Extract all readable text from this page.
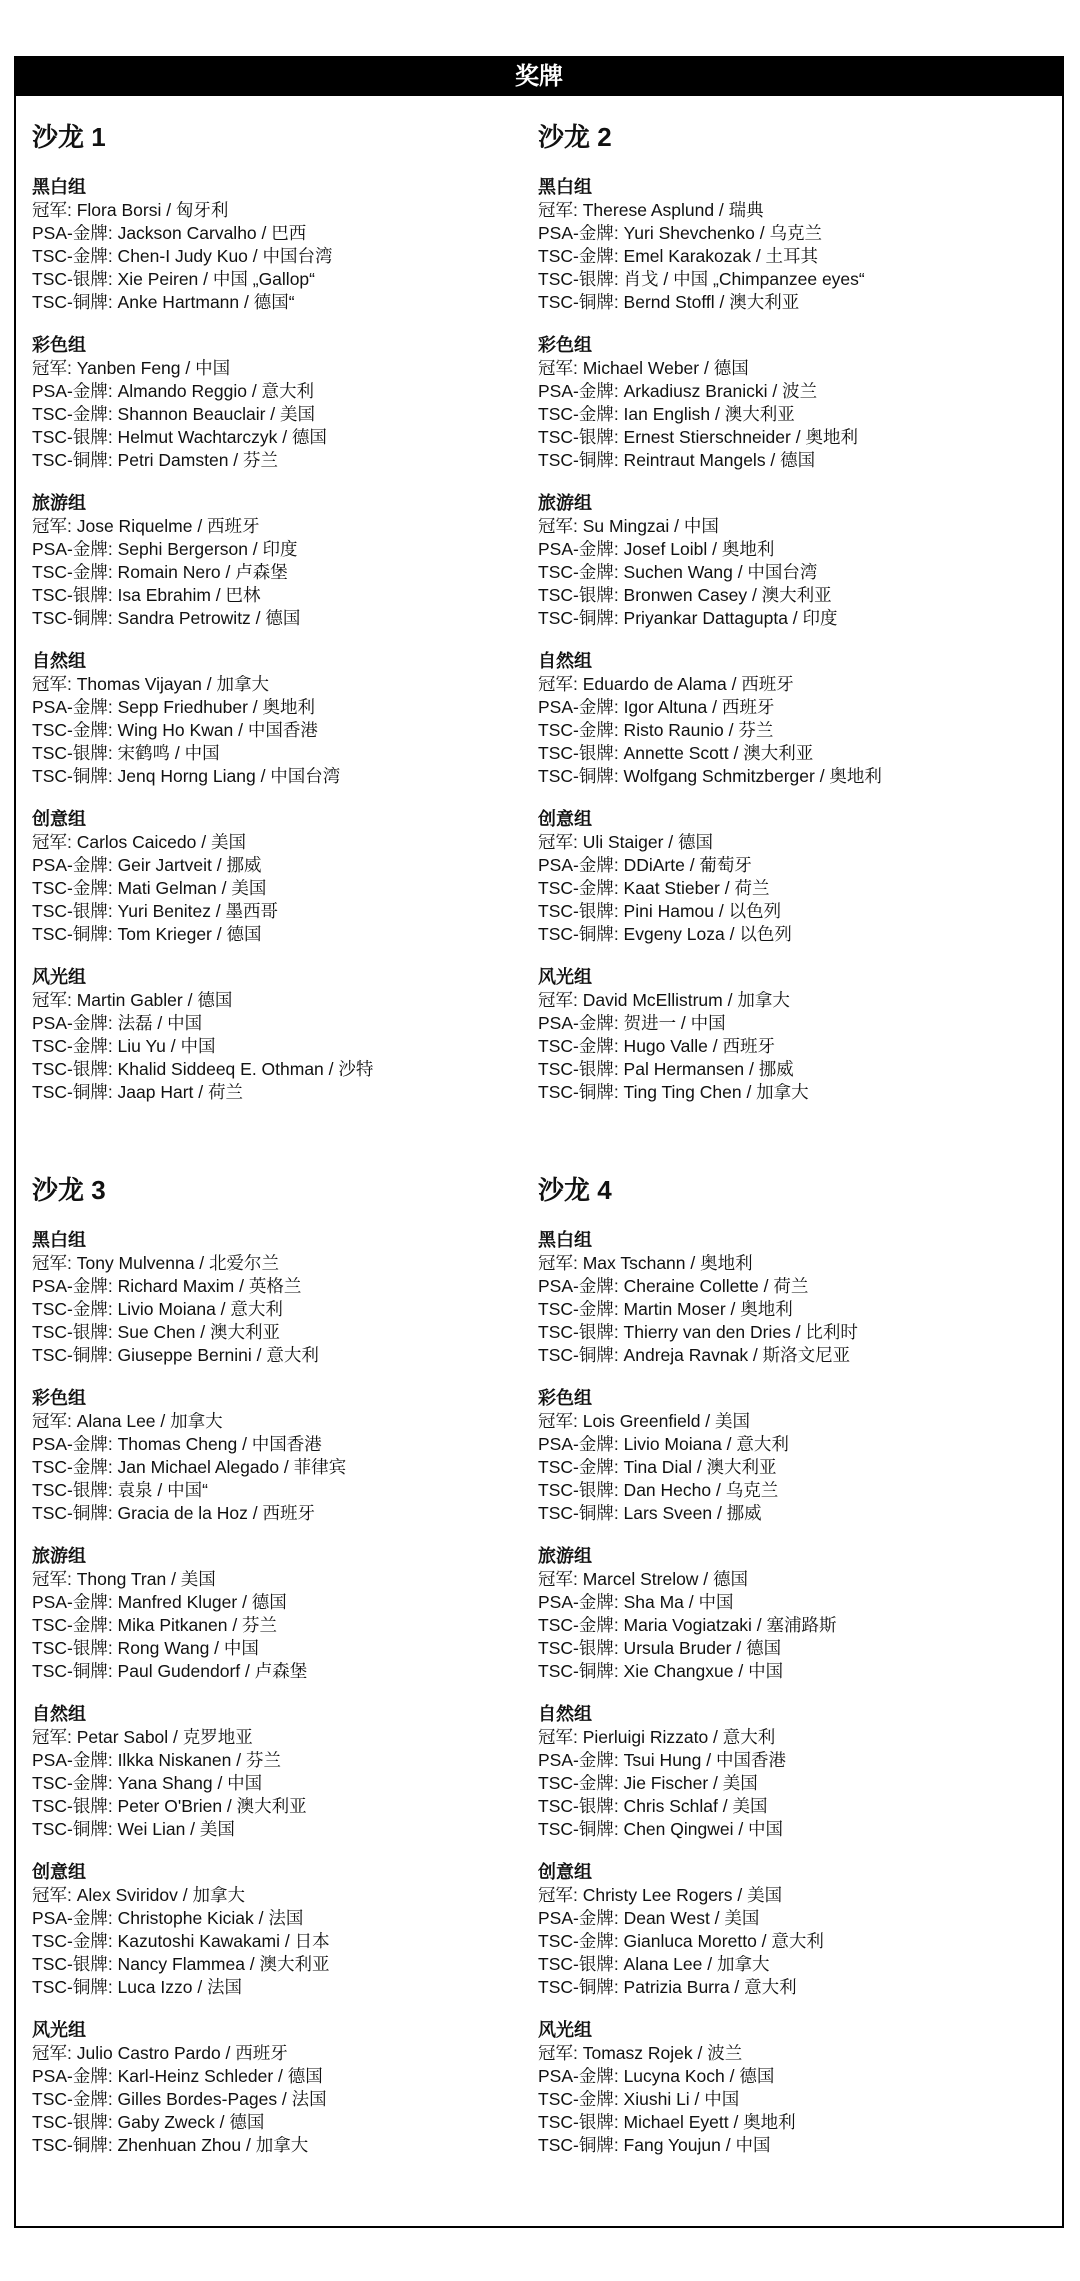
奖牌
沙龙 1
黑白组
冠军: Flora Borsi / 匈牙利
PSA-金牌: Jackson Carvalho / 巴西
TSC-金牌: Chen-I Judy Kuo / 中国台湾
TSC-银牌: Xie Peiren / 中国 „Gallop“
TSC-铜牌: Anke Hartmann / 德国“
彩色组
冠军: Yanben Feng / 中国
PSA-金牌: Almando Reggio / 意大利
TSC-金牌: Shannon Beauclair / 美国
TSC-银牌: Helmut Wachtarczyk / 德国
TSC-铜牌: Petri Damsten / 芬兰
旅游组
冠军: Jose Riquelme / 西班牙
PSA-金牌: Sephi Bergerson / 印度
TSC-金牌: Romain Nero / 卢森堡
TSC-银牌: Isa Ebrahim / 巴林
TSC-铜牌: Sandra Petrowitz / 德国
自然组
冠军: Thomas Vijayan / 加拿大
PSA-金牌: Sepp Friedhuber / 奥地利
TSC-金牌: Wing Ho Kwan / 中国香港
TSC-银牌: 宋鹤鸣 / 中国
TSC-铜牌: Jenq Horng Liang / 中国台湾
创意组
冠军: Carlos Caicedo / 美国
PSA-金牌: Geir Jartveit / 挪威
TSC-金牌: Mati Gelman / 美国
TSC-银牌: Yuri Benitez / 墨西哥
TSC-铜牌: Tom Krieger / 德国
风光组
冠军: Martin Gabler / 德国
PSA-金牌: 法磊 / 中国
TSC-金牌: Liu Yu / 中国
TSC-银牌: Khalid Siddeeq E. Othman / 沙特
TSC-铜牌: Jaap Hart / 荷兰
沙龙 2
黑白组
冠军: Therese Asplund / 瑞典
PSA-金牌: Yuri Shevchenko / 乌克兰
TSC-金牌: Emel Karakozak / 土耳其
TSC-银牌: 肖戈 / 中国 „Chimpanzee eyes“
TSC-铜牌: Bernd Stoffl / 澳大利亚
彩色组
冠军: Michael Weber / 德国
PSA-金牌: Arkadiusz Branicki / 波兰
TSC-金牌: Ian English / 澳大利亚
TSC-银牌: Ernest Stierschneider / 奥地利
TSC-铜牌: Reintraut Mangels / 德国
旅游组
冠军: Su Mingzai / 中国
PSA-金牌: Josef Loibl / 奥地利
TSC-金牌: Suchen Wang / 中国台湾
TSC-银牌: Bronwen Casey / 澳大利亚
TSC-铜牌: Priyankar Dattagupta / 印度
自然组
冠军: Eduardo de Alama / 西班牙
PSA-金牌: Igor Altuna / 西班牙
TSC-金牌: Risto Raunio / 芬兰
TSC-银牌: Annette Scott / 澳大利亚
TSC-铜牌: Wolfgang Schmitzberger / 奥地利
创意组
冠军: Uli Staiger / 德国
PSA-金牌: DDiArte / 葡萄牙
TSC-金牌: Kaat Stieber / 荷兰
TSC-银牌: Pini Hamou / 以色列
TSC-铜牌: Evgeny Loza / 以色列
风光组
冠军: David McEllistrum / 加拿大
PSA-金牌: 贺进一 / 中国
TSC-金牌: Hugo Valle / 西班牙
TSC-银牌: Pal Hermansen / 挪威
TSC-铜牌: Ting Ting Chen / 加拿大
沙龙 3
黑白组
冠军: Tony Mulvenna / 北爱尔兰
PSA-金牌: Richard Maxim / 英格兰
TSC-金牌: Livio Moiana / 意大利
TSC-银牌: Sue Chen / 澳大利亚
TSC-铜牌: Giuseppe Bernini / 意大利
彩色组
冠军: Alana Lee / 加拿大
PSA-金牌: Thomas Cheng / 中国香港
TSC-金牌: Jan Michael Alegado / 菲律宾
TSC-银牌: 袁泉 / 中国“
TSC-铜牌: Gracia de la Hoz / 西班牙
旅游组
冠军: Thong Tran / 美国
PSA-金牌: Manfred Kluger / 德国
TSC-金牌: Mika Pitkanen / 芬兰
TSC-银牌: Rong Wang / 中国
TSC-铜牌: Paul Gudendorf / 卢森堡
自然组
冠军: Petar Sabol / 克罗地亚
PSA-金牌: Ilkka Niskanen / 芬兰
TSC-金牌: Yana Shang / 中国
TSC-银牌: Peter O'Brien / 澳大利亚
TSC-铜牌: Wei Lian / 美国
创意组
冠军: Alex Sviridov / 加拿大
PSA-金牌: Christophe Kiciak / 法国
TSC-金牌: Kazutoshi Kawakami / 日本
TSC-银牌: Nancy Flammea / 澳大利亚
TSC-铜牌: Luca Izzo / 法国
风光组
冠军: Julio Castro Pardo / 西班牙
PSA-金牌: Karl-Heinz Schleder / 德国
TSC-金牌: Gilles Bordes-Pages / 法国
TSC-银牌: Gaby Zweck / 德国
TSC-铜牌: Zhenhuan Zhou / 加拿大
沙龙 4
黑白组
冠军: Max Tschann / 奥地利
PSA-金牌: Cheraine Collette / 荷兰
TSC-金牌: Martin Moser / 奥地利
TSC-银牌: Thierry van den Dries / 比利时
TSC-铜牌: Andreja Ravnak / 斯洛文尼亚
彩色组
冠军: Lois Greenfield / 美国
PSA-金牌: Livio Moiana / 意大利
TSC-金牌: Tina Dial / 澳大利亚
TSC-银牌: Dan Hecho / 乌克兰
TSC-铜牌: Lars Sveen / 挪威
旅游组
冠军: Marcel Strelow / 德国
PSA-金牌: Sha Ma / 中国
TSC-金牌: Maria Vogiatzaki / 塞浦路斯
TSC-银牌: Ursula Bruder / 德国
TSC-铜牌: Xie Changxue / 中国
自然组
冠军: Pierluigi Rizzato / 意大利
PSA-金牌: Tsui Hung / 中国香港
TSC-金牌: Jie Fischer / 美国
TSC-银牌: Chris Schlaf / 美国
TSC-铜牌: Chen Qingwei / 中国
创意组
冠军: Christy Lee Rogers / 美国
PSA-金牌: Dean West / 美国
TSC-金牌: Gianluca Moretto / 意大利
TSC-银牌: Alana Lee / 加拿大
TSC-铜牌: Patrizia Burra / 意大利
风光组
冠军: Tomasz Rojek / 波兰
PSA-金牌: Lucyna Koch / 德国
TSC-金牌: Xiushi Li / 中国
TSC-银牌: Michael Eyett / 奥地利
TSC-铜牌: Fang Youjun / 中国
